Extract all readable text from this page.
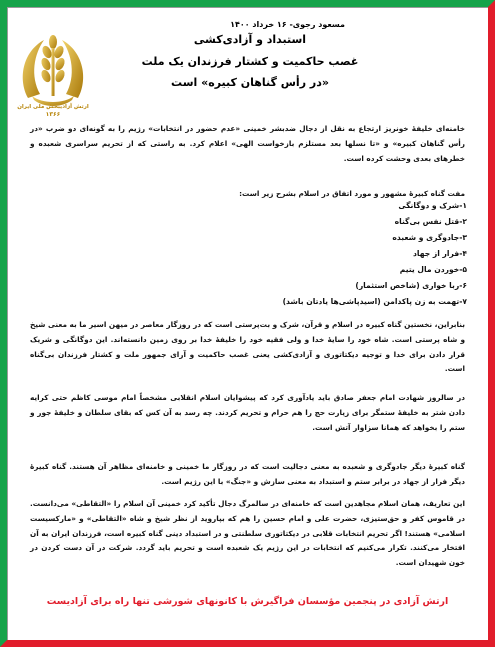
ارتش آزادیبخش ملی ایران
۱۳۶۶
مسعود رجوی- ۱۶ خرداد ۱۴۰۰
استبداد و آزادی‌کشی
غصب حاکمیت و کشتار فرزندان یک ملت
«در رأس گناهان کبیره» است
خامنه‌ای خلیفه‌ٔ خونریز ارتجاع به نقل از دجال ضدبشر خمینی «عدم حضور در انتخابات» رژیم را به گونه‌ای دو ضرب «در رأس گناهان کبیره» و «تا نسلها بعد مستلزم بازخواست الهی» اعلام کرد. به راستی که از تحریم سراسری شعبده و خطرهای بعدی وحشت کرده است.
مفت گناه کبیرهٔ مشهور و مورد اتفاق در اسلام بشرح زیر است:
۱-شرک و دوگانگی
۲-قتل نفس بی‌گناه
۳-جادوگری و شعبده
۴-فرار از جهاد
۵-خوردن مال یتیم
۶-ربا خواری (شاخص استثمار)
۷-تهمت به زن پاکدامن (اسیدپاشی‌ها یادتان باشد)
بنابراین، نخستین گناه کبیره در اسلام و قرآن، شرک و بت‌پرستی است که در روزگار معاصر در میهن اسیر ما به معنی شیخ و شاه پرستی است. شاه خود را سایهٔ خدا و ولی فقیه خود را خلیفهٔ خدا بر روی زمین دانسته‌اند. این دوگانگی و شریک قرار دادن برای خدا و توجیه دیکتاتوری و آزادی‌کشی یعنی غصب حاکمیت و آرای جمهور ملت و کشتار فرزندان بی‌گناه است.
در سالروز شهادت امام جعفر صادق باید یادآوری کرد که پیشوایان اسلام انقلابی مشخصاً امام موسی کاظم حتی کرایه دادن شتر به خلیفهٔ ستمگر برای زیارت حج را هم حرام و تحریم کردند. چه رسد به آن کس که بقای سلطان و خلیفهٔ جور و ستم را بخواهد که همانا سزاوار آتش است.
گناه کبیرهٔ دیگر جادوگری و شعبده به معنی دجالیت است که در روزگار ما خمینی و خامنه‌ای مظاهر آن هستند. گناه کبیرهٔ دیگر فرار از جهاد در برابر ستم و استبداد به معنی سازش و «جنگ» با این رژیم است.
این تعاریف، همان اسلام مجاهدین است که خامنه‌ای در سالمرگ دجال تأکید کرد خمینی آن اسلام را «التقاطی» می‌دانست. در قاموس کفر و حق‌ستیزی، حضرت علی و امام حسین را هم که بپاروید از نظر شیخ و شاه «التقاطی» و «مارکسیست اسلامی» هستند! اگر تحریم انتخابات قلابی در دیکتاتوری سلطنتی و در استبداد دینی گناه کبیره است، فرزندان ایران به آن افتخار می‌کنند. تکرار می‌کنیم که انتخابات در این رژیم یک شعبده است و تحریم باید گردد. شرکت در آن دست کردن در خون شهیدان است.
ارتش آزادی در پنجمین مؤسسان فراگیرش با کانونهای شورشی تنها راه برای آزادیست
